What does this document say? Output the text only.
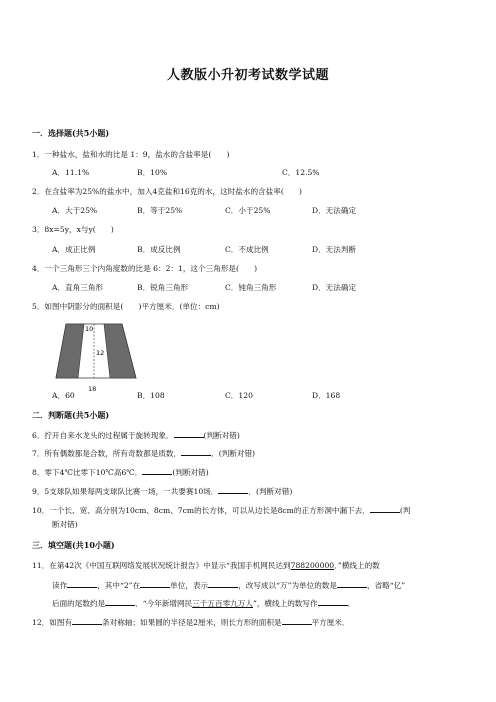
人教版小升初考试数学试题
一．选择题(共5小题)
1．一种盐水，盐和水的比是 1：9，盐水的含盐率是(　　)
A．11.1%	B．10%	C．12.5%
2．在含盐率为25%的盐水中，加入4克盐和16克的水，这时盐水的含盐率(　　)
A．大于25%	B．等于25%	C．小于25%	D．无法确定
3．8x=5y，x与y(　　)
A．成正比例	B．成反比例	C．不成比例	D．无法判断
4．一个三角形三个内角度数的比是 6：2：1，这个三角形是(　　)
A．直角三角形	B．锐角三角形	C．钝角三角形	D．无法确定
5．如图中阴影分的面积是(　　)平方厘米．(单位：cm)
10
12
18
A．60	B．108	C．120	D．168
二．判断题(共5小题)
6．拧开自来水龙头的过程属于旋转现象．	(判断对错)
7．所有偶数都是合数，所有奇数都是质数．	．(判断对错)
8．零下4℃比零下10℃高6℃．	(判断对错)
9．5支球队如果每两支球队比赛一场，一共要赛10场．	．(判断对错)
10．一个长、宽、高分别为10cm、8cm、7cm的长方体，可以从边长是8cm的正方形洞中漏下去．	(判
断对错)
三．填空题(共10小题)
11．在第42次《中国互联网络发展状况统计报告》中显示“我国手机网民达到788200000．”横线上的数
读作	，其中“2”在	单位，表示	，改写成以“万”为单位的数是	，省略“亿”
后面的尾数约是	．“今年新增网民三千五百零九万人”，横线上的数写作	．
12．如图有	条对称轴；如果圆的半径是2厘米，则长方形的面积是	平方厘米．
